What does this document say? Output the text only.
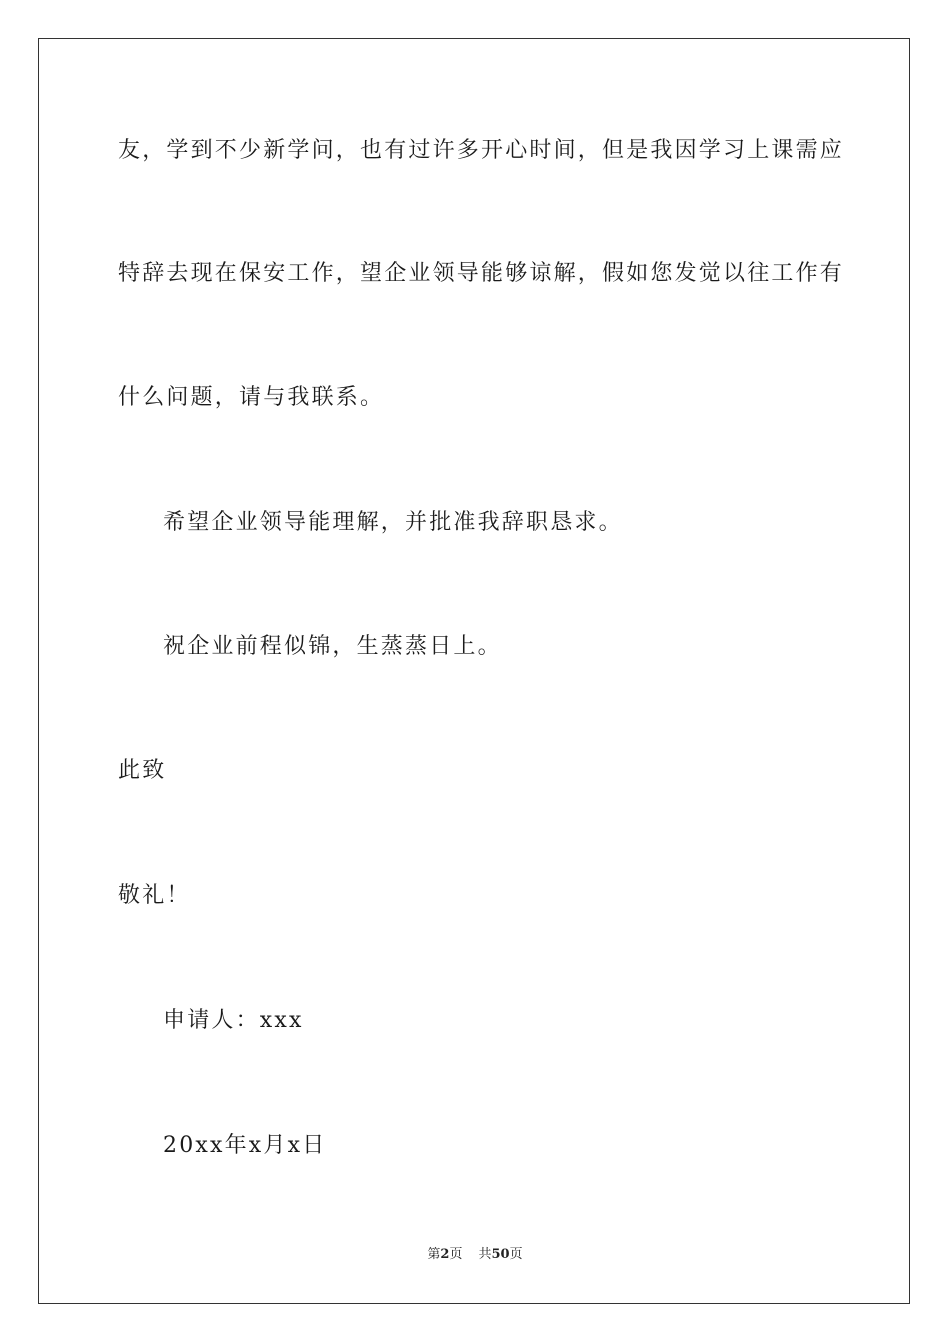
友，学到不少新学问，也有过许多开心时间，但是我因学习上课需应
特辞去现在保安工作，望企业领导能够谅解，假如您发觉以往工作有
什么问题，请与我联系。
希望企业领导能理解，并批准我辞职恳求。
祝企业前程似锦，生蒸蒸日上。
此致
敬礼！
申请人：xxx
20xx年x月x日
第2页 共50页
